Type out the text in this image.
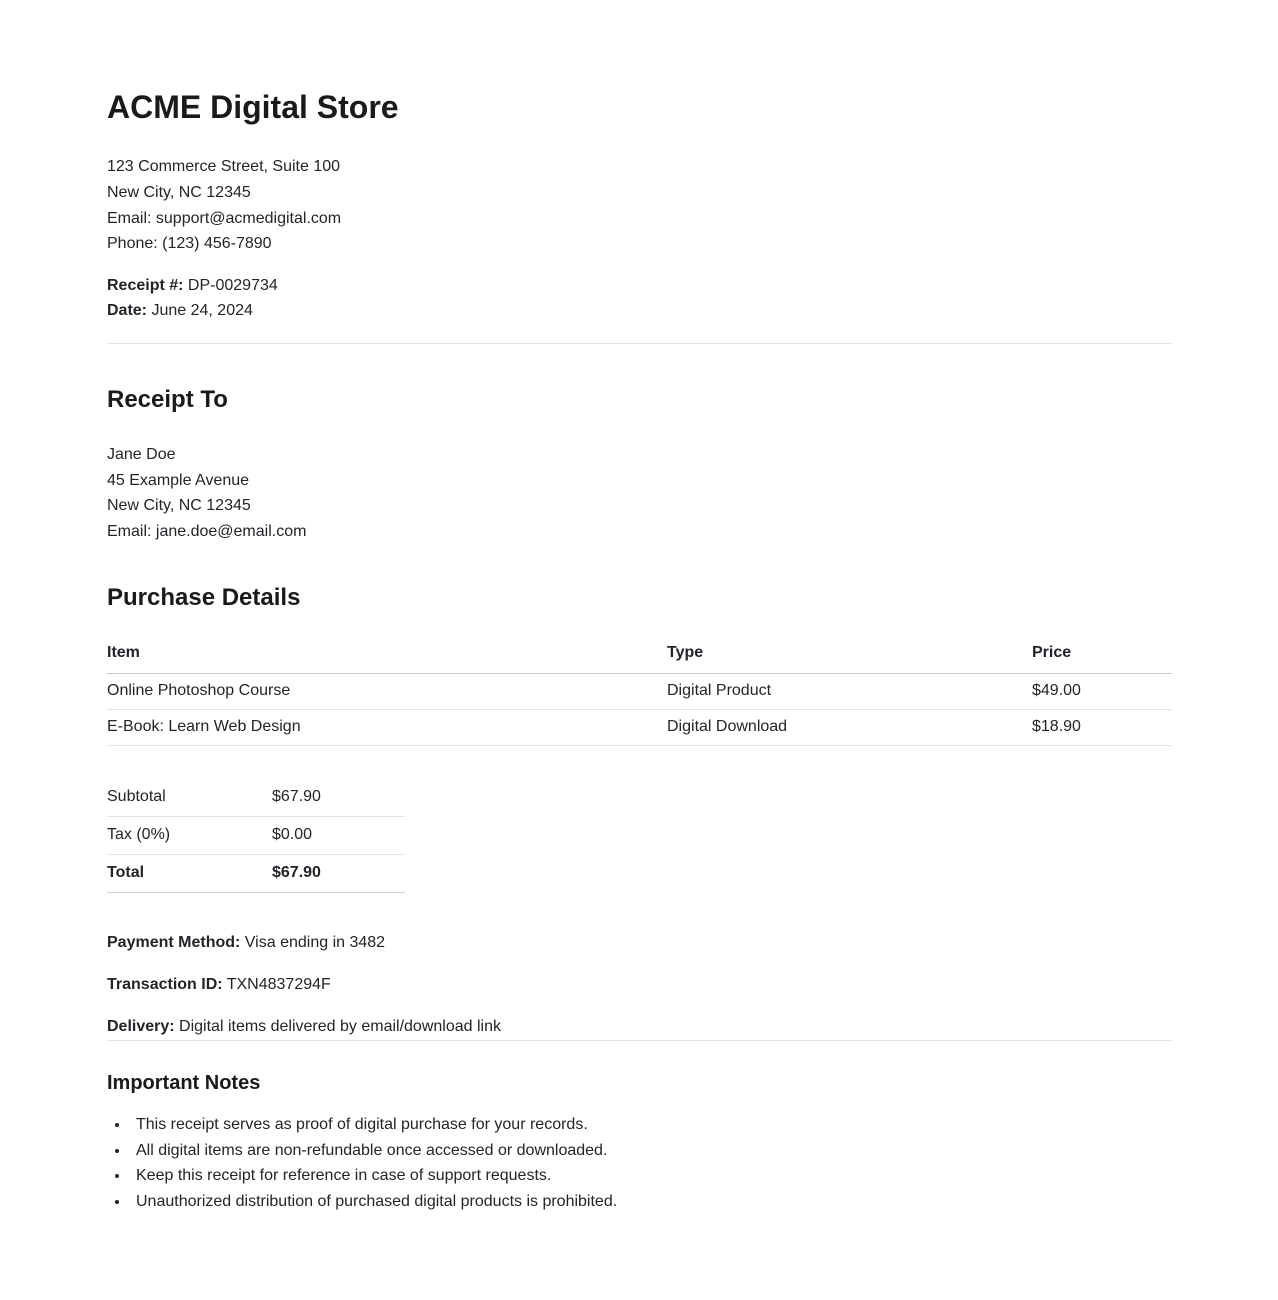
ACME Digital Store
123 Commerce Street, Suite 100
New City, NC 12345
Email: support@acmedigital.com
Phone: (123) 456-7890
Receipt #: DP-0029734
Date: June 24, 2024
Receipt To
Jane Doe
45 Example Avenue
New City, NC 12345
Email: jane.doe@email.com
Purchase Details
Item	Type	Price
Online Photoshop Course	Digital Product	$49.00
E-Book: Learn Web Design	Digital Download	$18.90
Subtotal	$67.90
Tax (0%)	$0.00
Total	$67.90

Payment Method: Visa ending in 3482

Transaction ID: TXN4837294F

Delivery: Digital items delivered by email/download link

Important Notes
• This receipt serves as proof of digital purchase for your records.
• All digital items are non-refundable once accessed or downloaded.
• Keep this receipt for reference in case of support requests.
• Unauthorized distribution of purchased digital products is prohibited.
